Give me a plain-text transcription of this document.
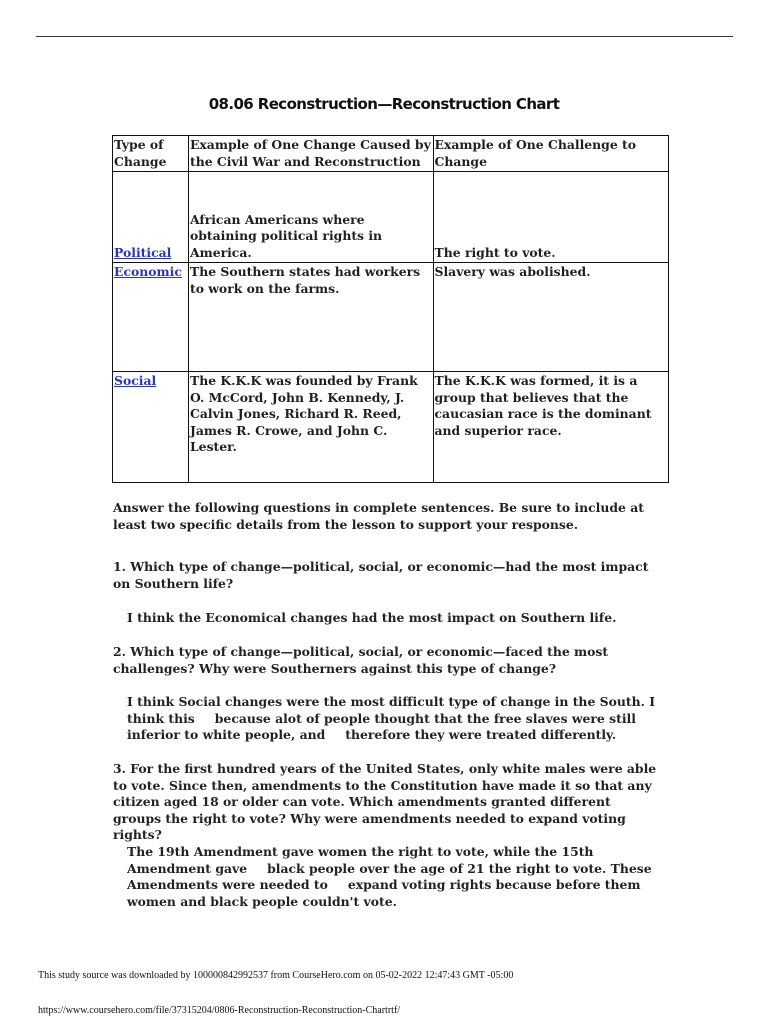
08.06 Reconstruction—Reconstruction Chart
Type of Change	Example of One Change Caused by the Civil War and Reconstruction	Example of One Challenge to Change
Political	African Americans where obtaining political rights in America.	The right to vote.
Economic	The Southern states had workers to work on the farms.	Slavery was abolished.
Social	The K.K.K was founded by Frank O. McCord, John B. Kennedy, J. Calvin Jones, Richard R. Reed, James R. Crowe, and John C. Lester.	The K.K.K was formed, it is a group that believes that the caucasian race is the dominant and superior race.

Answer the following questions in complete sentences. Be sure to include at least two specific details from the lesson to support your response.

1. Which type of change—political, social, or economic—had the most impact on Southern life?

I think the Economical changes had the most impact on Southern life.

2. Which type of change—political, social, or economic—faced the most challenges? Why were Southerners against this type of change?

I think Social changes were the most difficult type of change in the South. I think this because alot of people thought that the free slaves were still inferior to white people, and therefore they were treated differently.

3. For the first hundred years of the United States, only white males were able to vote. Since then, amendments to the Constitution have made it so that any citizen aged 18 or older can vote. Which amendments granted different groups the right to vote? Why were amendments needed to expand voting rights?

The 19th Amendment gave women the right to vote, while the 15th Amendment gave black people over the age of 21 the right to vote. These Amendments were needed to expand voting rights because before them women and black people couldn't vote.

This study source was downloaded by 100000842992537 from CourseHero.com on 05-02-2022 12:47:43 GMT -05:00
https://www.coursehero.com/file/37315204/0806-Reconstruction-Reconstruction-Chartrtf/
